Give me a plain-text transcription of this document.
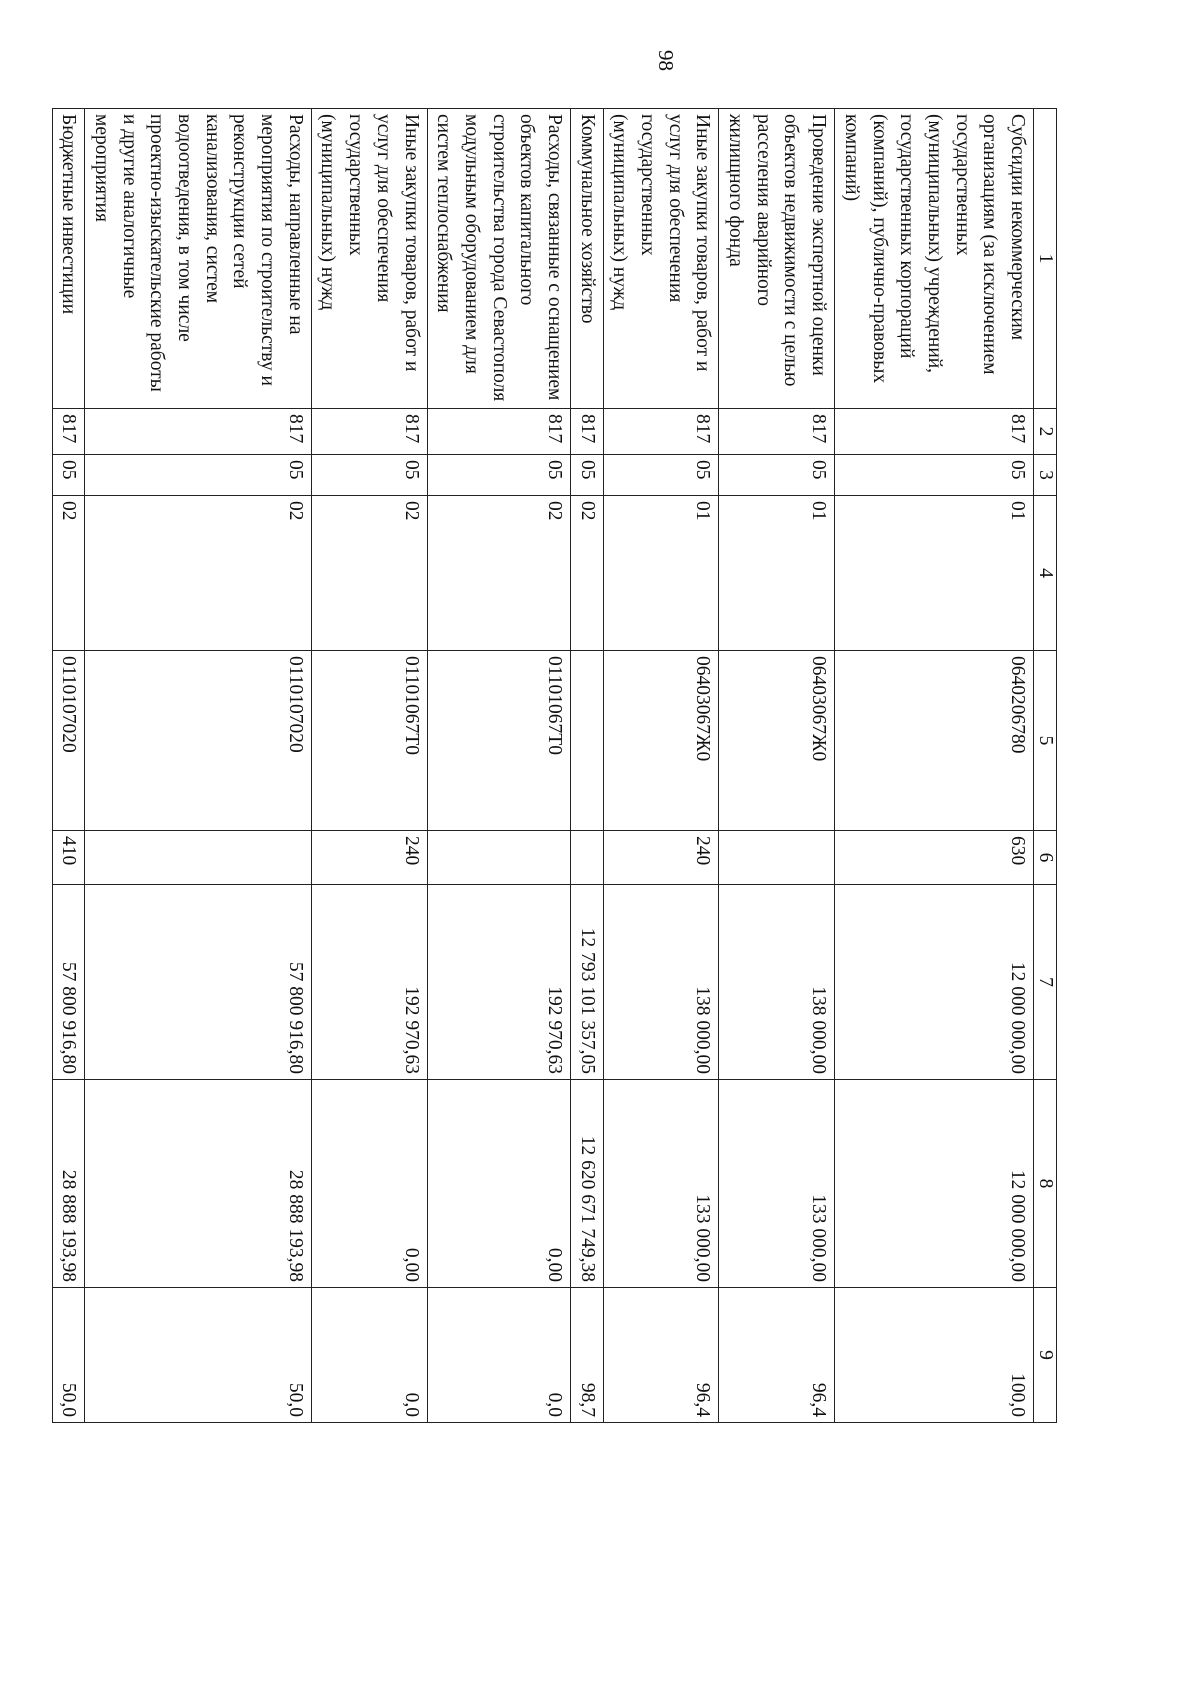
98
1	2	3	4	5	6	7	8	9
Субсидии некоммерческим организациям (за исключением государственных (муниципальных) учреждений, государственных корпораций (компаний), публично-правовых компаний)	817	05	01	0640206780	630	12 000 000,00	12 000 000,00	100,0
Проведение экспертной оценки объектов недвижимости с целью расселения аварийного жилищного фонда	817	05	01	06403067Ж0		138 000,00	133 000,00	96,4
Иные закупки товаров, работ и услуг для обеспечения государственных (муниципальных) нужд	817	05	01	06403067Ж0	240	138 000,00	133 000,00	96,4
Коммунальное хозяйство	817	05	02			12 793 101 357,05	12 620 671 749,38	98,7
Расходы, связанные с оснащением объектов капитального строительства города Севастополя модульным оборудованием для систем теплоснабжения	817	05	02	01101067Т0		192 970,63	0,00	0,0
Иные закупки товаров, работ и услуг для обеспечения государственных (муниципальных) нужд	817	05	02	01101067Т0	240	192 970,63	0,00	0,0
Расходы, направленные на мероприятия по строительству и реконструкции сетей канализования, систем водоотведения, в том числе проектно-изыскательские работы и другие аналогичные мероприятия	817	05	02	0110107020		57 800 916,80	28 888 193,98	50,0
Бюджетные инвестиции	817	05	02	0110107020	410	57 800 916,80	28 888 193,98	50,0
